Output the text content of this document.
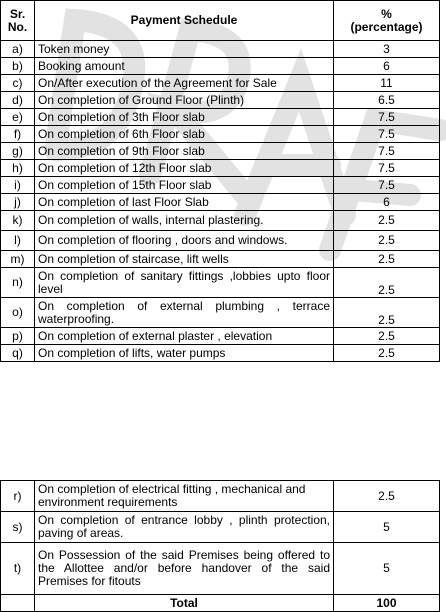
Sr. No.	Payment Schedule	%
(percentage)

a)	Token money	3
b)	Booking amount	6
c)	On/After execution of the Agreement for Sale	11
d)	On completion of Ground Floor (Plinth)	6.5
e)	On completion of 3th Floor slab	7.5
f)	On completion of 6th Floor slab	7.5
g)	On completion of 9th Floor slab	7.5
h)	On completion of 12th Floor slab	7.5
i)	On completion of 15th Floor slab	7.5
j)	On completion of last Floor Slab	6
k)	On completion of walls, internal plastering.	2.5
l)	On completion of flooring , doors and windows.	2.5
m)	On completion of staircase, lift wells	2.5
n)	On completion of sanitary fittings ,lobbies upto floor level	2.5
o)	On completion of external plumbing , terrace waterproofing.	2.5
p)	On completion of external plaster , elevation	2.5
q)	On completion of lifts, water pumps	2.5
r)	On completion of electrical fitting , mechanical and environment requirements	2.5
s)	On completion of entrance lobby , plinth protection, paving of areas.	5
t)	On Possession of the said Premises being offered to the Allottee and/or before handover of the said Premises for fitouts	5
	Total	100
